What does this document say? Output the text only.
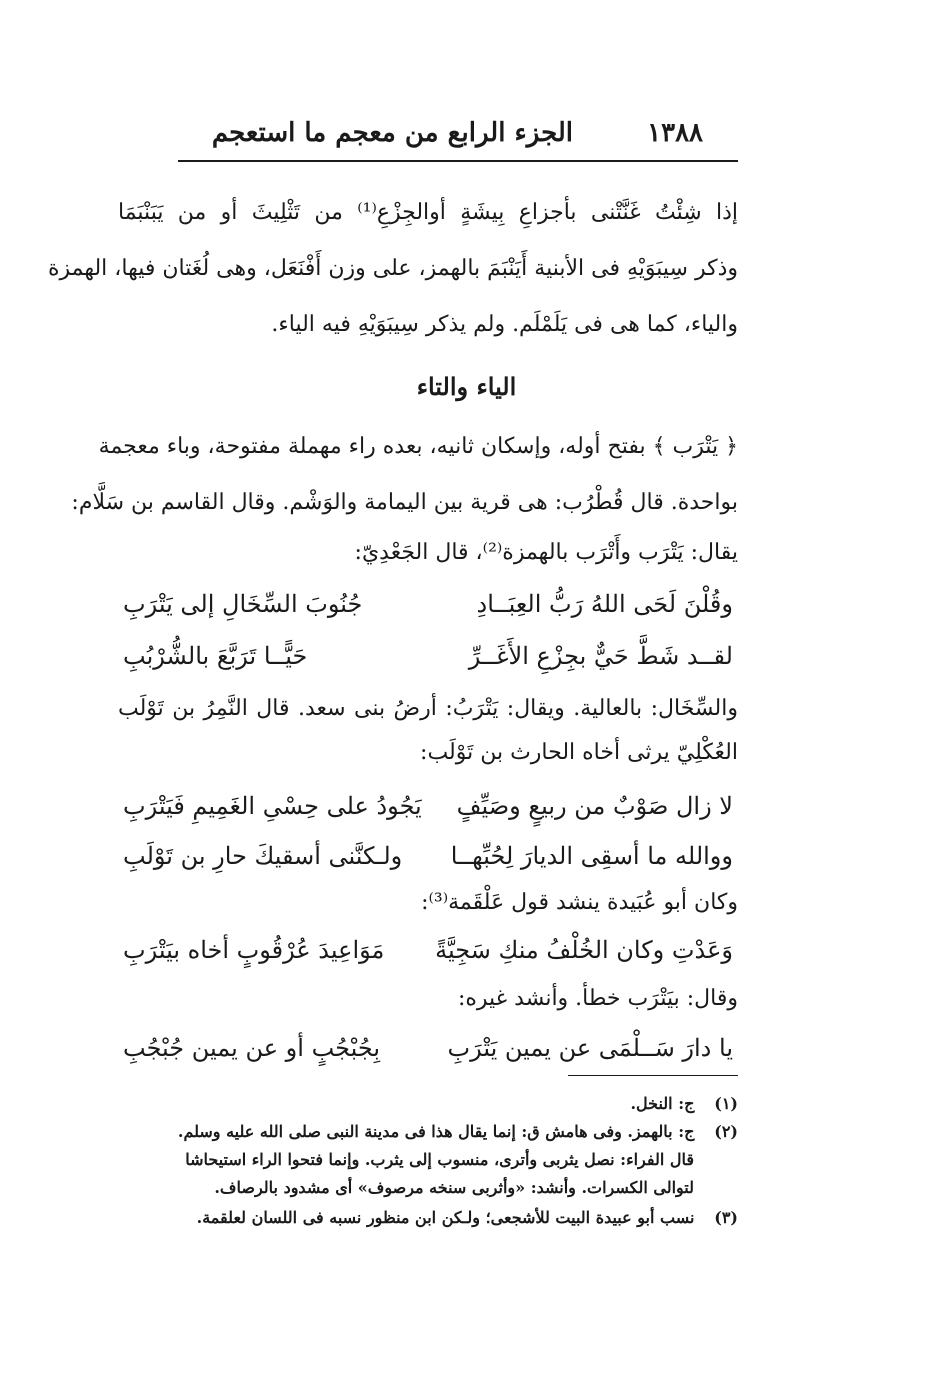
١٣٨٨
الجزء الرابع من معجم ما استعجم
إذا شِئْتُ غَنَّتْنى بأجزاعِ بِيشَةٍ أوالجِزْعِ⁽¹⁾ من تَثْلِيثَ أو من يَبَنْبَمَا
وذكر سِيبَوَيْهِ فى الأبنية أَيَنْبَمَ بالهمز، على وزن أَفْنَعَل، وهى لُغَتان فيها، الهمزة
والياء، كما هى فى يَلَمْلَم. ولم يذكر سِيبَوَيْهِ فيه الياء.
الياء والتاء
﴿ يَتْرَب ﴾ بفتح أوله، وإسكان ثانيه، بعده راء مهملة مفتوحة، وباء معجمة
بواحدة. قال قُطْرُب: هى قرية بين اليمامة والوَشْم. وقال القاسم بن سَلَّام:
يقال: يَتْرَب وأَتْرَب بالهمزة⁽²⁾، قال الجَعْدِيّ:
وقُلْنَ لَحَى اللهُ رَبُّ العِبَــادِ
جُنُوبَ السِّخَالِ إلى يَتْرَبِ
لقــد شَطَّ حَيٌّ بجِزْعِ الأَغَــرِّ
حَيًّــا تَرَبَّعَ بالشُّرْبُبِ
والسِّخَال: بالعالية. ويقال: يَتْرَبُ: أرضُ بنى سعد. قال النَّمِرُ بن تَوْلَب
العُكْلِيّ يرثى أخاه الحارث بن تَوْلَب:
لا زال صَوْبٌ من ربيعٍ وصَيِّفٍ
يَجُودُ على حِسْىِ الغَمِيمِ فَيَتْرَبِ
ووالله ما أسقِى الديارَ لِحُبِّهــا
ولـكنَّنى أسقيكَ حارِ بن تَوْلَبِ
وكان أبو عُبَيدة ينشد قول عَلْقَمة⁽³⁾:
وَعَدْتِ وكان الخُلْفُ منكِ سَجِيَّةً
مَوَاعِيدَ عُرْقُوبٍ أخاه بيَتْرَبِ
وقال: بيَتْرَب خطأ. وأنشد غيره:
يا دارَ سَــلْمَى عن يمين يَتْرَبِ
بِجُبْجُبٍ أو عن يمين جُبْجُبِ
(١) ج: النخل.
(٢) ج: بالهمز. وفى هامش ق: إنما يقال هذا فى مدينة النبى صلى الله عليه وسلم.
قال الفراء: نصل يثربى وأترى، منسوب إلى يثرب. وإنما فتحوا الراء استيحاشا
لتوالى الكسرات. وأنشد: «وأثربى سنخه مرصوف» أى مشدود بالرصاف.
(٣) نسب أبو عبيدة البيت للأشجعى؛ ولـكن ابن منظور نسبه فى اللسان لعلقمة.
